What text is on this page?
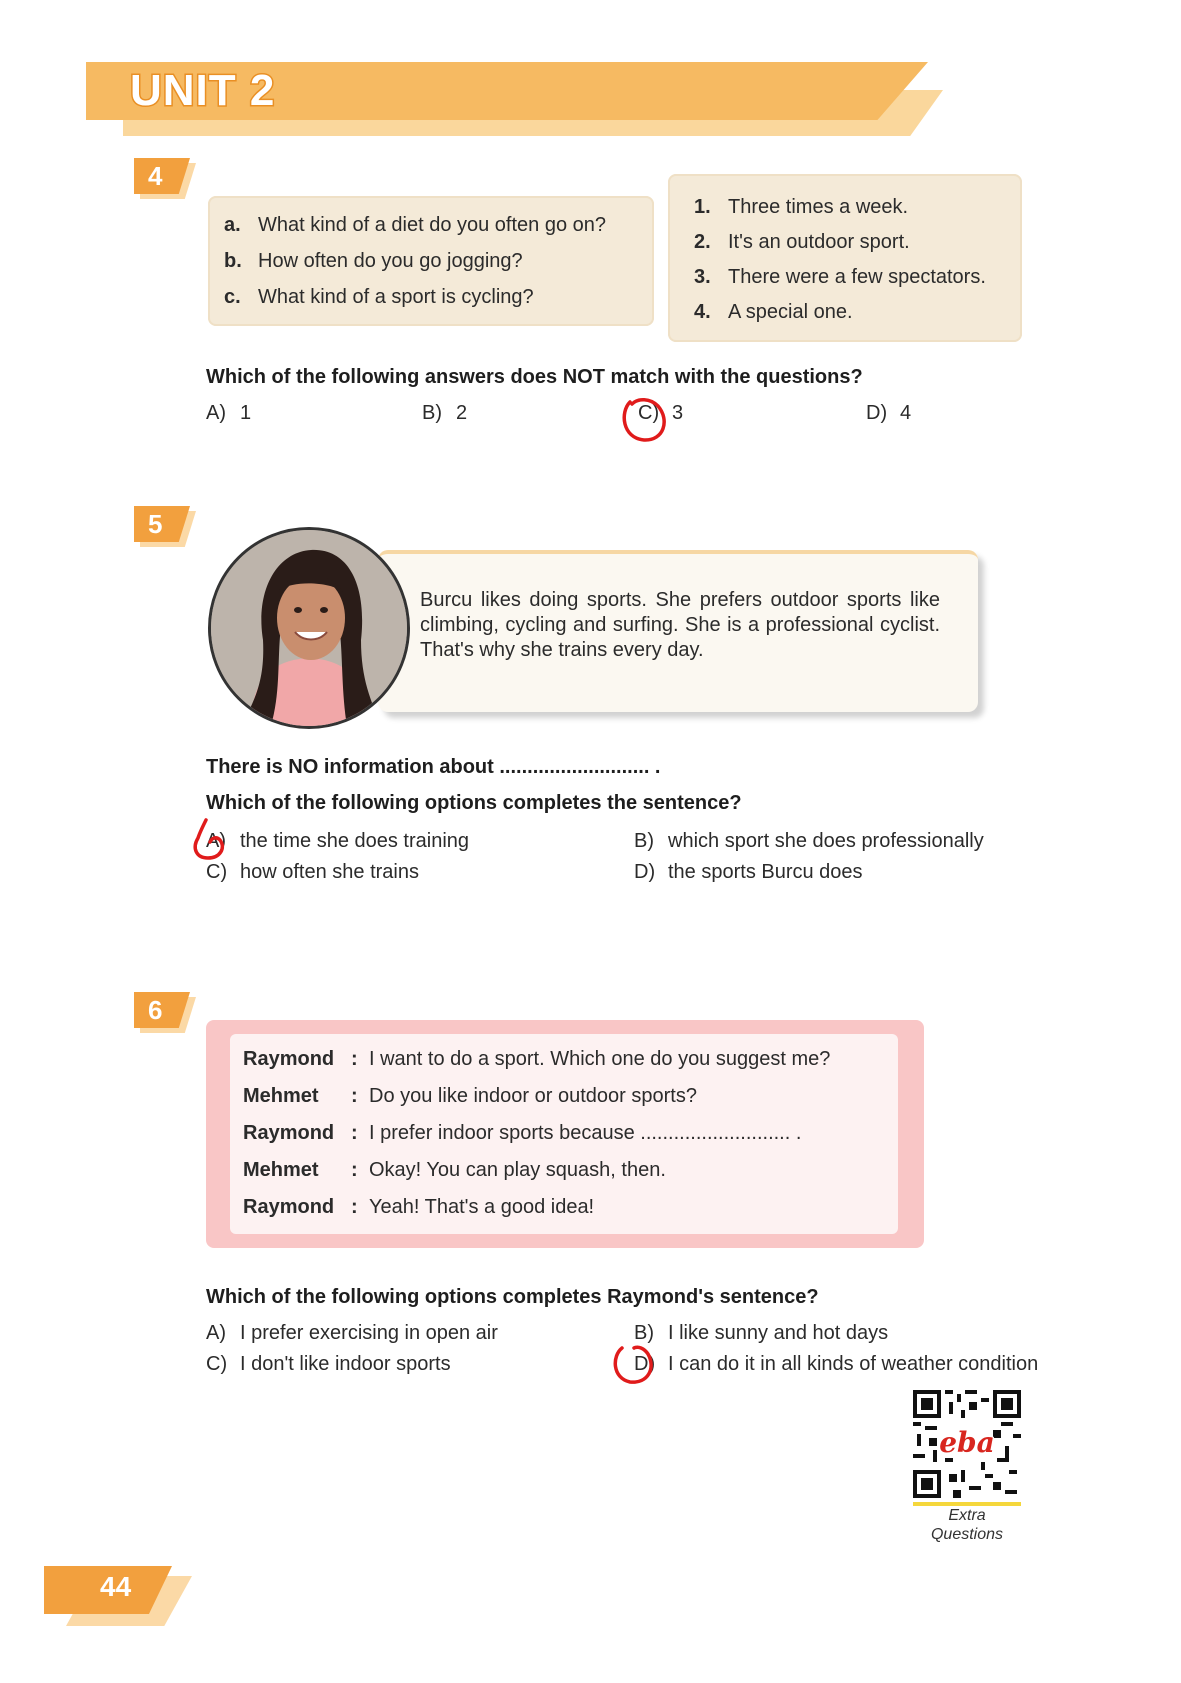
UNIT 2
4
a. What kind of a diet do you often go on?
b. How often do you go jogging?
c. What kind of a sport is cycling?
1. Three times a week.
2. It's an outdoor sport.
3. There were a few spectators.
4. A special one.
Which of the following answers does NOT match with the questions?
A) 1	B) 2	C) 3	D) 4
5
Burcu likes doing sports. She prefers outdoor sports like climbing, cycling and surfing. She is a professional cyclist. That's why she trains every day.
There is NO information about ........................... .
Which of the following options completes the sentence?
A) the time she does training	B) which sport she does professionally
C) how often she trains	D) the sports Burcu does
6
Raymond : I want to do a sport. Which one do you suggest me?
Mehmet : Do you like indoor or outdoor sports?
Raymond : I prefer indoor sports because ........................... .
Mehmet : Okay! You can play squash, then.
Raymond : Yeah! That's a good idea!
Which of the following options completes Raymond's sentence?
A) I prefer exercising in open air	B) I like sunny and hot days
C) I don't like indoor sports	D) I can do it in all kinds of weather condition
eba
Extra
Questions
44
